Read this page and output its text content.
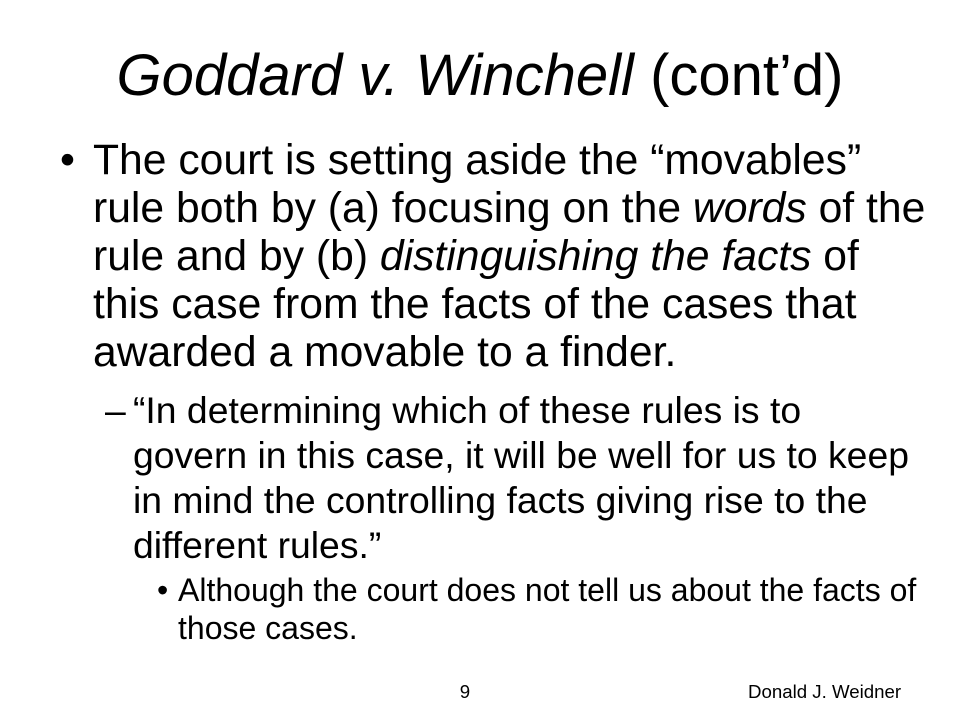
Goddard v. Winchell (cont’d)
• The court is setting aside the “movables”
rule both by (a) focusing on the words of the
rule and by (b) distinguishing the facts of
this case from the facts of the cases that
awarded a movable to a finder.
– “In determining which of these rules is to
govern in this case, it will be well for us to keep
in mind the controlling facts giving rise to the
different rules.”
• Although the court does not tell us about the facts of
those cases.
9	Donald J. Weidner
